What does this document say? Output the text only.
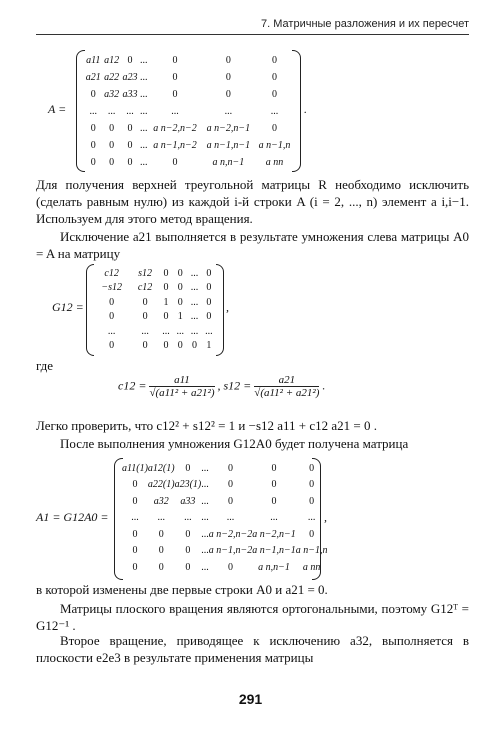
7. Матричные разложения и их пересчет
A =
a11	a12	0	...	0	0	0
a21	a22	a23	...	0	0	0
0	a32	a33	...	0	0	0
...	...	...	...	...	...	...
0	0	0	...	a n−2,n−2	a n−2,n−1	0
0	0	0	...	a n−1,n−2	a n−1,n−1	a n−1,n
0	0	0	...	0	a n,n−1	a nn
.
Для получения верхней треугольной матрицы R необходимо исключить (сделать равным нулю) из каждой i-й строки A (i = 2, ..., n) элемент a i,i−1. Используем для этого метод вращения.
Исключение a21 выполняется в результате умножения слева матрицы A0 = A на матрицу
G12 =
c12	s12	0	0	...	0
−s12	c12	0	0	...	0
0	0	1	0	...	0
0	0	0	1	...	0
...	...	...	...	...	...
0	0	0	0	0	1
,
где
$c12 = \frac{a11}{\text{√(a11² + a21²)}}$ , $s12 = \frac{a21}{\text{√(a11² + a21²)}}$ .
Легко проверить, что c12² + s12² = 1 и −s12 a11 + c12 a21 = 0 .
После выполнения умножения G12A0 будет получена матрица
A1 = G12A0 =
a11(1)	a12(1)	0	...	0	0	0
0	a22(1)	a23(1)	...	0	0	0
0	a32	a33	...	0	0	0
...	...	...	...	...	...	...
0	0	0	...	a n−2,n−2	a n−2,n−1	0
0	0	0	...	a n−1,n−2	a n−1,n−1	a n−1,n
0	0	0	...	0	a n,n−1	a nn
,
в которой изменены две первые строки A0 и a21 = 0.
Матрицы плоского вращения являются ортогональными, поэтому G12ᵀ = G12⁻¹ .
Второе вращение, приводящее к исключению a32, выполняется в плоскости e2e3 в результате применения матрицы
291
